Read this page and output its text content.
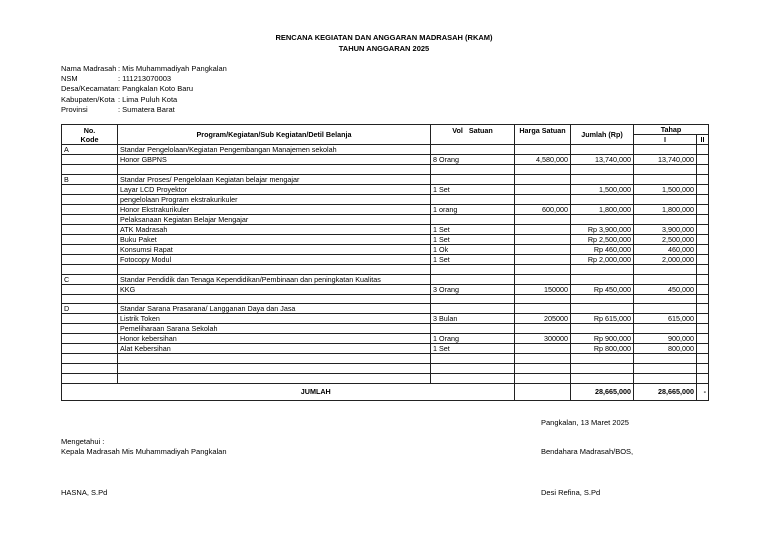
RENCANA KEGIATAN DAN ANGGARAN MADRASAH (RKAM)
TAHUN ANGGARAN 2025
Nama Madrasah : Mis Muhammadiyah Pangkalan
NSM	: 111213070003
Desa/Kecamatan : Pangkalan Koto Baru
Kabupaten/Kota : Lima Puluh Kota
Provinsi	: Sumatera Barat
No.
Kode	Program/Kegiatan/Sub Kegiatan/Detil Belanja	Vol Satuan		Harga Satuan	Jumlah (Rp)	Tahap	

						I	II
A	Standar Pengelolaan/Kegiatan Pengembangan Manajemen sekolah						
	Honor GBPNS	8 Orang		4,580,000	13,740,000	13,740,000	

B	Standar Proses/ Pengelolaan Kegiatan belajar mengajar						
	Layar LCD Proyektor	1 Set			1,500,000	1,500,000	
	pengelolaan Program ekstrakurikuler						
	Honor Ekstrakurikuler	1 orang		600,000	1,800,000	1,800,000	
	Pelaksanaan Kegiatan Belajar Mengajar						
	ATK Madrasah	1 Set			Rp 3,900,000	3,900,000	
	Buku Paket	1 Set			Rp 2,500,000	2,500,000	
	Konsumsi Rapat	1 Ok			Rp 460,000	460,000	
	Fotocopy Modul	1 Set			Rp 2,000,000	2,000,000	

C	Standar Pendidik dan Tenaga Kependidikan/Pembinaan dan peningkatan Kualitas						
	KKG	3 Orang		150000	Rp 450,000	450,000	

D	Standar Sarana Prasarana/ Langganan Daya dan Jasa						
	Listrik Token	3 Bulan		205000	Rp 615,000	615,000	
	Pemeliharaan Sarana Sekolah						
	Honor kebersihan	1 Orang		300000	Rp 900,000	900,000	
	Alat Kebersihan	1 Set			Rp 800,000	800,000	

	JUMLAH				28,665,000	28,665,000	-
Pangkalan, 13 Maret 2025
Mengetahui :
Kepala Madrasah Mis Muhammadiyah Pangkalan	Bendahara Madrasah/BOS,
HASNA, S.Pd	Desi Refina, S.Pd
